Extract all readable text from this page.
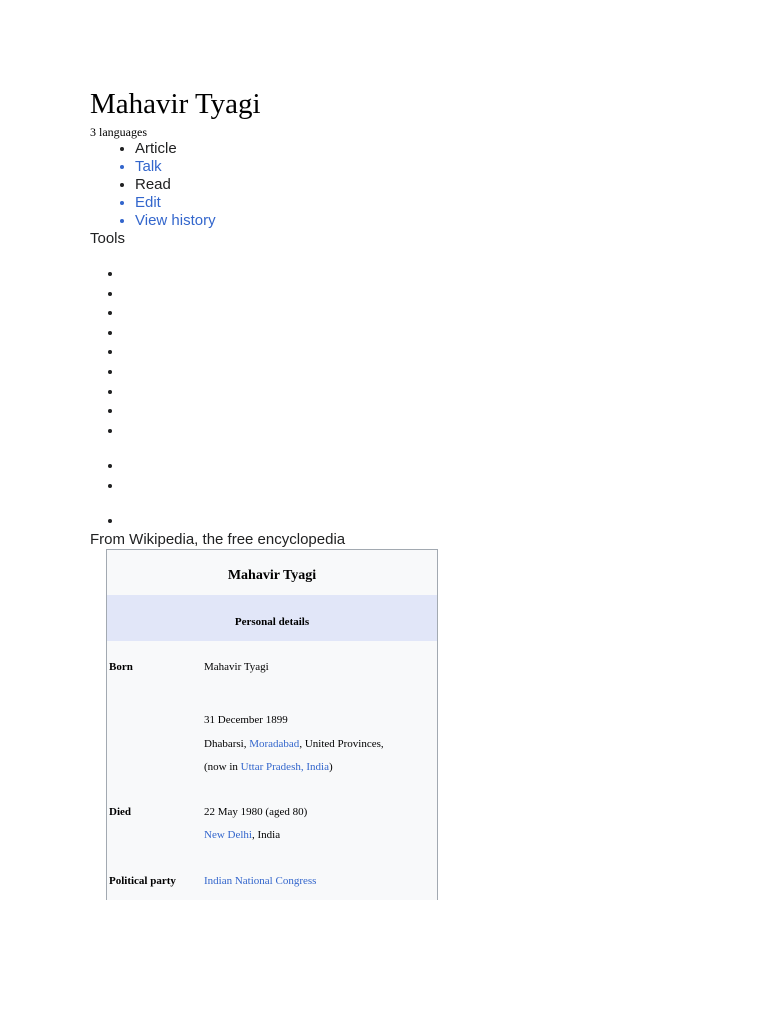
Mahavir Tyagi
3 languages
• Article
• Talk
• Read
• Edit
• View history
Tools
From Wikipedia, the free encyclopedia
Mahavir Tyagi
Personal details
Born	Mahavir Tyagi
31 December 1899
Dhabarsi, Moradabad, United Provinces,
(now in Uttar Pradesh, India)
Died	22 May 1980 (aged 80)
New Delhi, India
Political party	Indian National Congress
